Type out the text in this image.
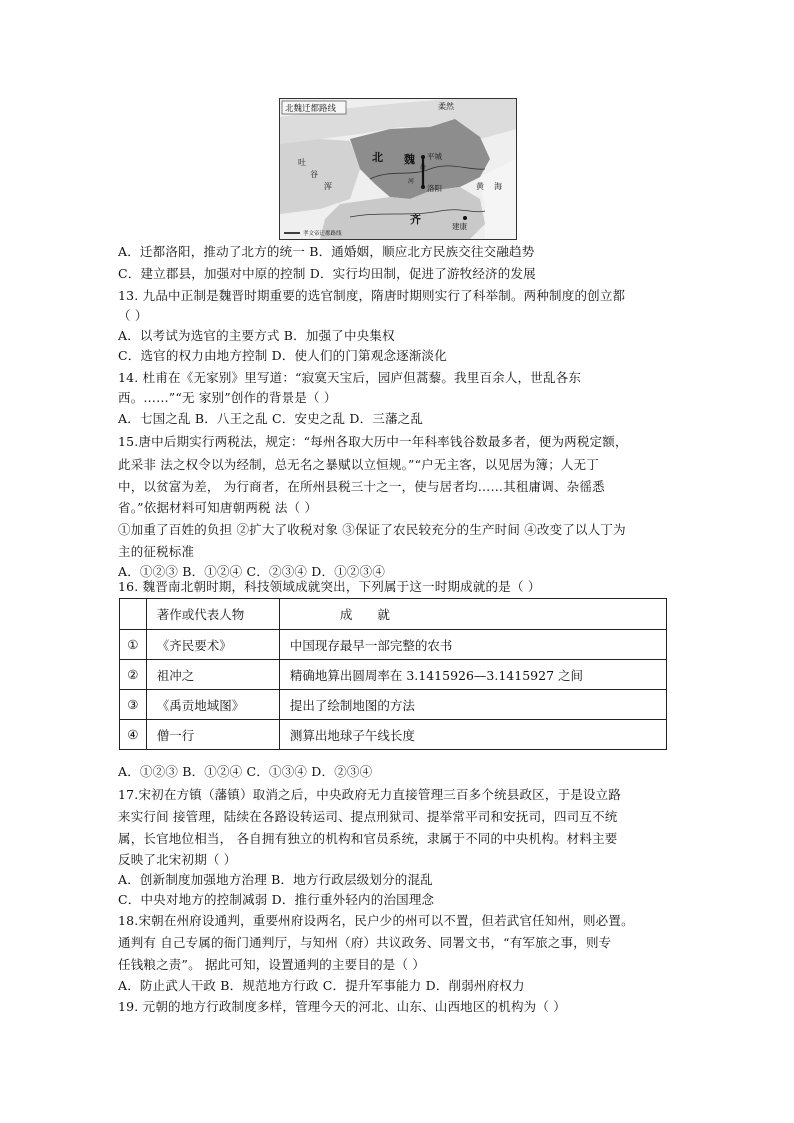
北魏迁都路线	柔然
北 魏 平城
洛阳
吐
谷
浑
齐
建康
黄 海
河
汾
孝文帝迁都路线
A．迁都洛阳，推动了北方的统一 B．通婚姻，顺应北方民族交往交融趋势
C．建立郡县，加强对中原的控制 D．实行均田制，促进了游牧经济的发展
13. 九品中正制是魏晋时期重要的选官制度，隋唐时期则实行了科举制。两种制度的创立都
（ ）
A．以考试为选官的主要方式 B．加强了中央集权
C．选官的权力由地方控制 D．使人们的门第观念逐渐淡化
14. 杜甫在《无家别》里写道：“寂寞天宝后，园庐但蒿藜。我里百余人，世乱各东
西。……”“无 家别”创作的背景是（ ）
A．七国之乱 B．八王之乱 C．安史之乱 D．三藩之乱
15.唐中后期实行两税法，规定：“每州各取大历中一年科率钱谷数最多者，便为两税定额，
此采非 法之权令以为经制，总无名之暴赋以立恒规。”“户无主客，以见居为簿；人无丁
中，以贫富为差， 为行商者，在所州县税三十之一，使与居者均……其租庸调、杂徭悉
省。”依据材料可知唐朝两税 法（ ）
①加重了百姓的负担 ②扩大了收税对象 ③保证了农民较充分的生产时间 ④改变了以人丁为
主的征税标准
A．①②③ B．①②④ C．②③④ D．①②③④
16. 魏晋南北朝时期，科技领域成就突出，下列属于这一时期成就的是（ ）
	著作或代表人物	成　　就
①	《齐民要术》	中国现存最早一部完整的农书
②	祖冲之	精确地算出圆周率在 3.1415926—3.1415927 之间
③	《禹贡地域图》	提出了绘制地图的方法
④	僧一行	测算出地球子午线长度
A．①②③ B．①②④ C．①③④ D．②③④
17.宋初在方镇（藩镇）取消之后，中央政府无力直接管理三百多个统县政区，于是设立路
来实行间 接管理，陆续在各路设转运司、提点刑狱司、提举常平司和安抚司，四司互不统
属，长官地位相当， 各自拥有独立的机构和官员系统，隶属于不同的中央机构。材料主要
反映了北宋初期（ ）
A．创新制度加强地方治理 B．地方行政层级划分的混乱
C．中央对地方的控制减弱 D．推行重外轻内的治国理念
18.宋朝在州府设通判，重要州府设两名，民户少的州可以不置，但若武官任知州，则必置。
通判有 自己专属的衙门通判厅，与知州（府）共议政务、同署文书，“有军旅之事，则专
任钱粮之责”。 据此可知，设置通判的主要目的是（ ）
A．防止武人干政 B．规范地方行政 C．提升军事能力 D．削弱州府权力
19. 元朝的地方行政制度多样，管理今天的河北、山东、山西地区的机构为（ ）
